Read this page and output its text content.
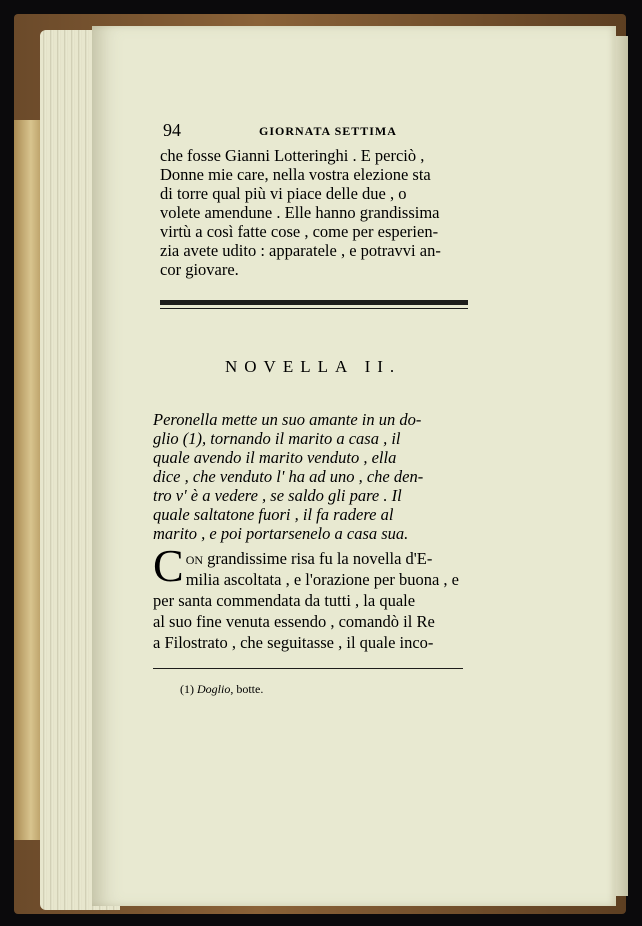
94	GIORNATA SETTIMA
che fosse Gianni Lotteringhi . E perciò ,
Donne mie care, nella vostra elezione sta
di torre qual più vi piace delle due , o
volete amendune . Elle hanno grandissima
virtù a così fatte cose , come per esperien-
zia avete udito : apparatele , e potravvi an-
cor giovare.
NOVELLA II.
Peronella mette un suo amante in un do-
glio (1), tornando il marito a casa , il
quale avendo il marito venduto , ella
dice , che venduto l' ha ad uno , che den-
tro v' è a vedere , se saldo gli pare . Il
quale saltatone fuori , il fa radere al
marito , e poi portarsenelo a casa sua.
C on grandissime risa fu la novella d'E-
milia ascoltata , e l'orazione per buona , e
per santa commendata da tutti , la quale
al suo fine venuta essendo , comandò il Re
a Filostrato , che seguitasse , il quale inco-
(1) Doglio, botte.
